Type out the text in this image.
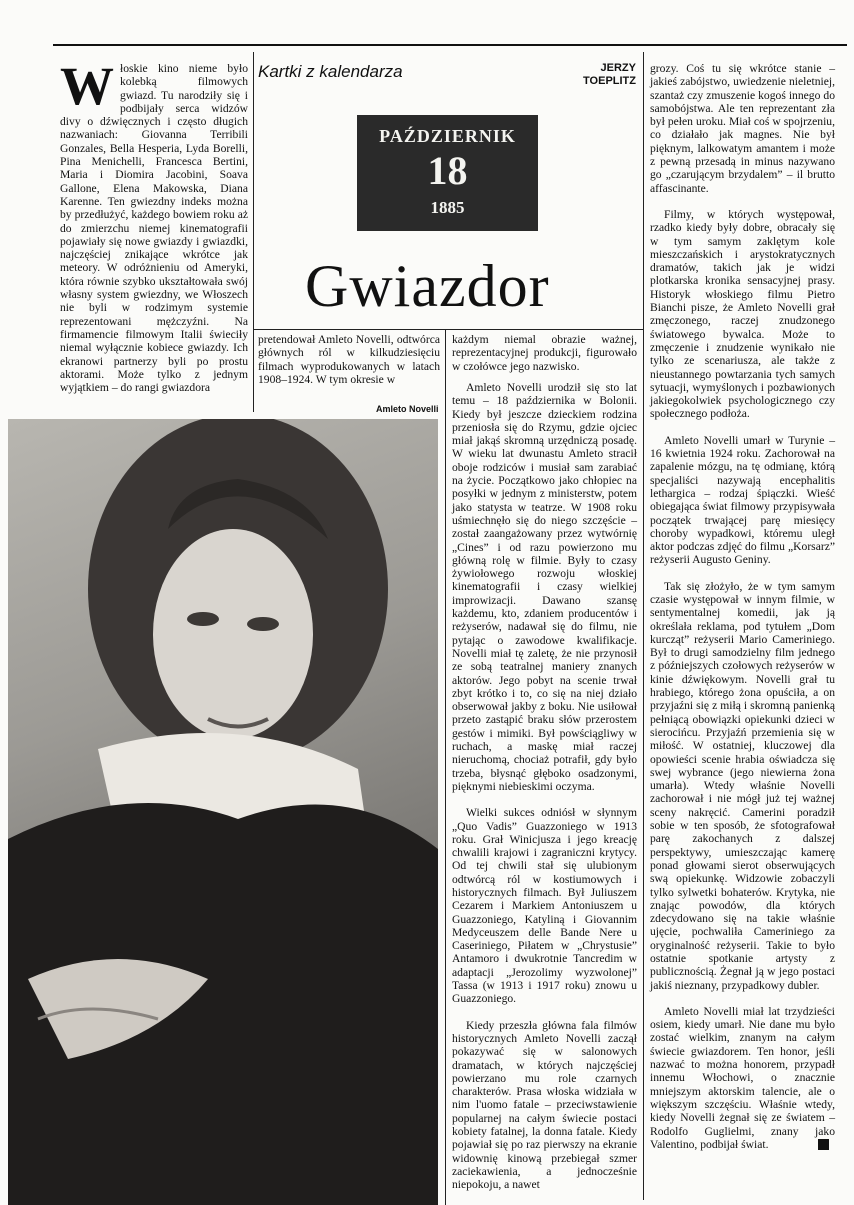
Włoskie kino nieme było kolebką filmowych gwiazd. Tu narodziły się i podbijały serca widzów divy o dźwięcznych i często długich nazwaniach: Giovanna Terribili Gonzales, Bella Hesperia, Lyda Borelli, Pina Menichelli, Francesca Bertini, Maria i Diomira Jacobini, Soava Gallone, Elena Makowska, Diana Karenne. Ten gwiezdny indeks można by przedłużyć, każdego bowiem roku aż do zmierzchu niemej kinematografii pojawiały się nowe gwiazdy i gwiazdki, najczęściej znikające wkrótce jak meteory. W odróżnieniu od Ameryki, która równie szybko ukształtowała swój własny system gwiezdny, we Włoszech nie byli w rodzimym systemie reprezentowani mężczyźni. Na firmamencie filmowym Italii świeciły niemal wyłącznie kobiece gwiazdy. Ich ekranowi partnerzy byli po prostu aktorami. Może tylko z jednym wyjątkiem – do rangi gwiazdora

Kartki z kalendarza	JERZY
TOEPLITZ
PAŹDZIERNIK
18
1885
Gwiazdor

pretendował Amleto Novelli, odtwórca głównych ról w kilkudziesięciu filmach wyprodukowanych w latach 1908–1924. W tym okresie w

każdym niemal obrazie ważnej, reprezentacyjnej produkcji, figurowało w czołówce jego nazwisko.

Amleto Novelli

Amleto Novelli urodził się sto lat temu – 18 października w Bolonii. Kiedy był jeszcze dzieckiem rodzina przeniosła się do Rzymu, gdzie ojciec miał jakąś skromną urzędniczą posadę. W wieku lat dwunastu Amleto stracił oboje rodziców i musiał sam zarabiać na życie. Początkowo jako chłopiec na posyłki w jednym z ministerstw, potem jako statysta w teatrze. W 1908 roku uśmiechnęło się do niego szczęście – został zaangażowany przez wytwórnię „Cines” i od razu powierzono mu główną rolę w filmie. Były to czasy żywiołowego rozwoju włoskiej kinematografii i czasy wielkiej improwizacji. Dawano szansę każdemu, kto, zdaniem producentów i reżyserów, nadawał się do filmu, nie pytając o zawodowe kwalifikacje. Novelli miał tę zaletę, że nie przynosił ze sobą teatralnej maniery znanych aktorów. Jego pobyt na scenie trwał zbyt krótko i to, co się na niej działo obserwował jakby z boku. Nie usiłował przeto zastąpić braku słów przerostem gestów i mimiki. Był powściągliwy w ruchach, a maskę miał raczej nieruchomą, chociaż potrafił, gdy było trzeba, błysnąć głęboko osadzonymi, pięknymi niebieskimi oczyma.

Wielki sukces odniósł w słynnym „Quo Vadis” Guazzoniego w 1913 roku. Grał Winicjusza i jego kreację chwalili krajowi i zagraniczni krytycy. Od tej chwili stał się ulubionym odtwórcą ról w kostiumowych i historycznych filmach. Był Juliuszem Cezarem i Markiem Antoniuszem u Guazzoniego, Katyliną i Giovannim Medyceuszem delle Bande Nere u Caseriniego, Piłatem w „Chrystusie” Antamoro i dwukrotnie Tancredim w adaptacji „Jerozolimy wyzwolonej” Tassa (w 1913 i 1917 roku) znowu u Guazzoniego.

Kiedy przeszła główna fala filmów historycznych Amleto Novelli zaczął pokazywać się w salonowych dramatach, w których najczęściej powierzano mu role czarnych charakterów. Prasa włoska widziała w nim l'uomo fatale – przeciwstawienie popularnej na całym świecie postaci kobiety fatalnej, la donna fatale. Kiedy pojawiał się po raz pierwszy na ekranie widownię kinową przebiegał szmer zaciekawienia, a jednocześnie niepokoju, a nawet

grozy. Coś tu się wkrótce stanie – jakieś zabójstwo, uwiedzenie nieletniej, szantaż czy zmuszenie kogoś innego do samobójstwa. Ale ten reprezentant zła był pełen uroku. Miał coś w spojrzeniu, co działało jak magnes. Nie był pięknym, lalkowatym amantem i może z pewną przesadą in minus nazywano go „czarującym brzydalem” – il brutto affascinante.

Filmy, w których występował, rzadko kiedy były dobre, obracały się w tym samym zaklętym kole mieszczańskich i arystokratycznych dramatów, takich jak je widzi plotkarska kronika sensacyjnej prasy. Historyk włoskiego filmu Pietro Bianchi pisze, że Amleto Novelli grał zmęczonego, raczej znudzonego światowego bywalca. Może to zmęczenie i znudzenie wynikało nie tylko ze scenariusza, ale także z nieustannego powtarzania tych samych sytuacji, wymyślonych i pozbawionych jakiegokolwiek psychologicznego czy społecznego podłoża.

Amleto Novelli umarł w Turynie – 16 kwietnia 1924 roku. Zachorował na zapalenie mózgu, na tę odmianę, którą specjaliści nazywają encephalitis lethargica – rodzaj śpiączki. Wieść obiegająca świat filmowy przypisywała początek trwającej parę miesięcy choroby wypadkowi, któremu uległ aktor podczas zdjęć do filmu „Korsarz” reżyserii Augusto Geniny.

Tak się złożyło, że w tym samym czasie występował w innym filmie, w sentymentalnej komedii, jak ją określała reklama, pod tytułem „Dom kurcząt” reżyserii Mario Cameriniego. Był to drugi samodzielny film jednego z późniejszych czołowych reżyserów w kinie dźwiękowym. Novelli grał tu hrabiego, którego żona opuściła, a on przyjaźni się z miłą i skromną panienką pełniącą obowiązki opiekunki dzieci w sierocińcu. Przyjaźń przemienia się w miłość. W ostatniej, kluczowej dla opowieści scenie hrabia oświadcza się swej wybrance (jego niewierna żona umarła). Wtedy właśnie Novelli zachorował i nie mógł już tej ważnej sceny nakręcić. Camerini poradził sobie w ten sposób, że sfotografował parę zakochanych z dalszej perspektywy, umieszczając kamerę ponad głowami sierot obserwujących swą opiekunkę. Widzowie zobaczyli tylko sylwetki bohaterów. Krytyka, nie znając powodów, dla których zdecydowano się na takie właśnie ujęcie, pochwaliła Cameriniego za oryginalność reżyserii. Takie to było ostatnie spotkanie artysty z publicznością. Żegnał ją w jego postaci jakiś nieznany, przypadkowy dubler.

Amleto Novelli miał lat trzydzieści osiem, kiedy umarł. Nie dane mu było zostać wielkim, znanym na całym świecie gwiazdorem. Ten honor, jeśli nazwać to można honorem, przypadł innemu Włochowi, o znacznie mniejszym aktorskim talencie, ale o większym szczęściu. Właśnie wtedy, kiedy Novelli żegnał się ze światem – Rodolfo Guglielmi, znany jako Valentino, podbijał świat.
